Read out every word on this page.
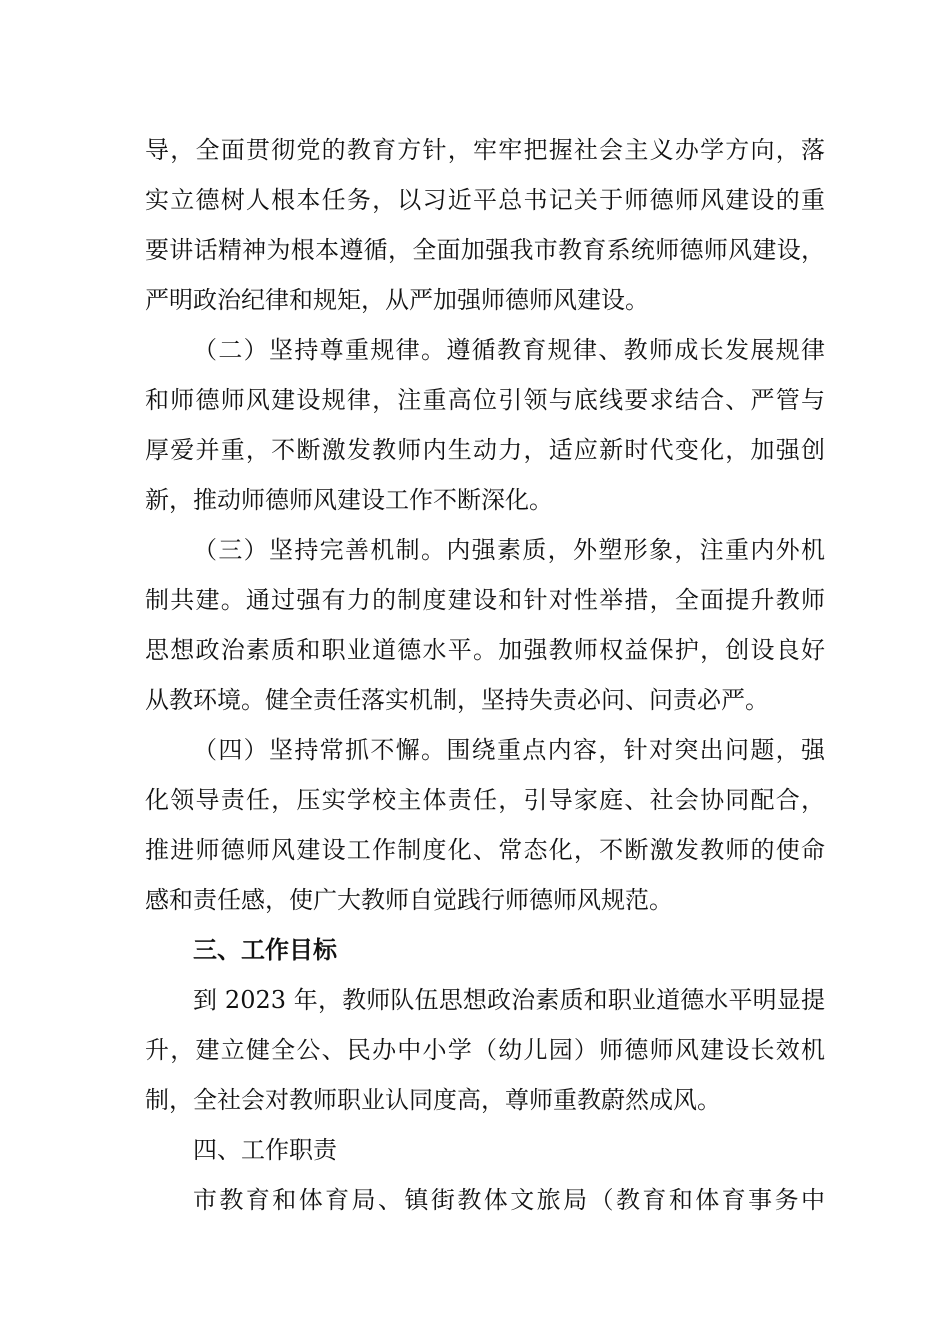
导，全面贯彻党的教育方针，牢牢把握社会主义办学方向，落
实立德树人根本任务，以习近平总书记关于师德师风建设的重
要讲话精神为根本遵循，全面加强我市教育系统师德师风建设，
严明政治纪律和规矩，从严加强师德师风建设。
（二）坚持尊重规律。遵循教育规律、教师成长发展规律
和师德师风建设规律，注重高位引领与底线要求结合、严管与
厚爱并重，不断激发教师内生动力，适应新时代变化，加强创
新，推动师德师风建设工作不断深化。
（三）坚持完善机制。内强素质，外塑形象，注重内外机
制共建。通过强有力的制度建设和针对性举措，全面提升教师
思想政治素质和职业道德水平。加强教师权益保护，创设良好
从教环境。健全责任落实机制，坚持失责必问、问责必严。
（四）坚持常抓不懈。围绕重点内容，针对突出问题，强
化领导责任，压实学校主体责任，引导家庭、社会协同配合，
推进师德师风建设工作制度化、常态化，不断激发教师的使命
感和责任感，使广大教师自觉践行师德师风规范。
三、工作目标
到 2023 年，教师队伍思想政治素质和职业道德水平明显提
升，建立健全公、民办中小学（幼儿园）师德师风建设长效机
制，全社会对教师职业认同度高，尊师重教蔚然成风。
四、工作职责
市教育和体育局、镇街教体文旅局（教育和体育事务中
